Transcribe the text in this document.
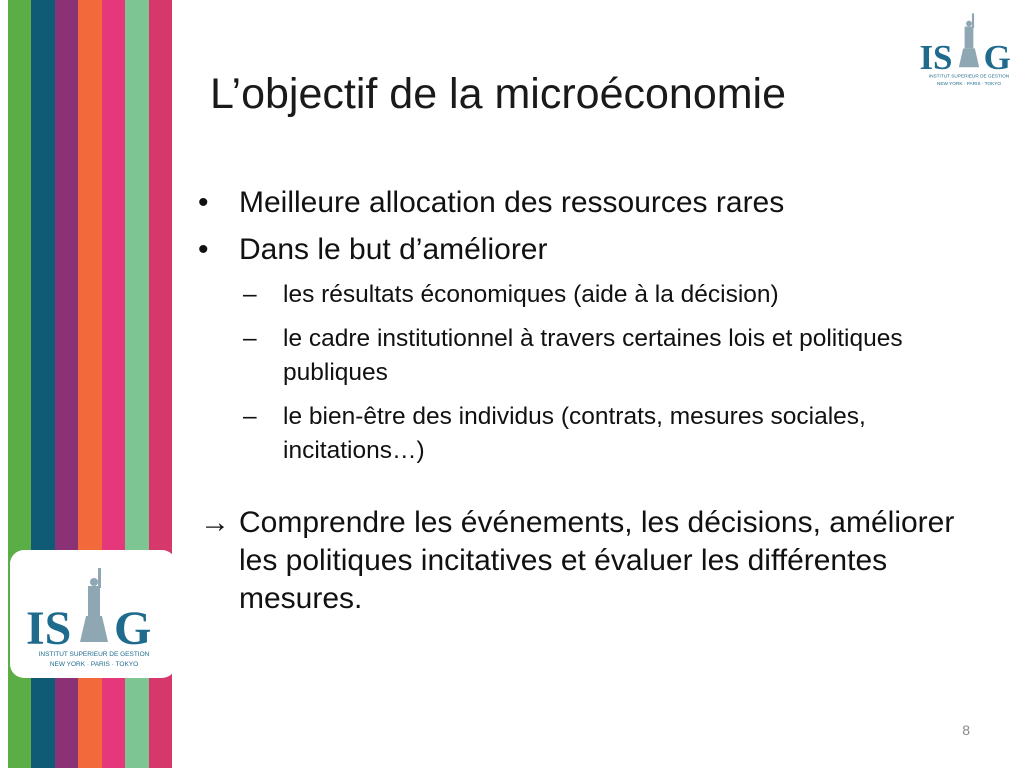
IS G
INSTITUT SUPERIEUR DE GESTION
NEW YORK · PARIS · TOKYO
IS G
INSTITUT SUPERIEUR DE GESTION
NEW YORK · PARIS · TOKYO
L’objectif de la microéconomie
• Meilleure allocation des ressources rares
• Dans le but d’améliorer
– les résultats économiques (aide à la décision)
– le cadre institutionnel à travers certaines lois et politiques publiques
– le bien-être des individus (contrats, mesures sociales, incitations…)
→ Comprendre les événements, les décisions, améliorer les politiques incitatives et évaluer les différentes mesures.
8
